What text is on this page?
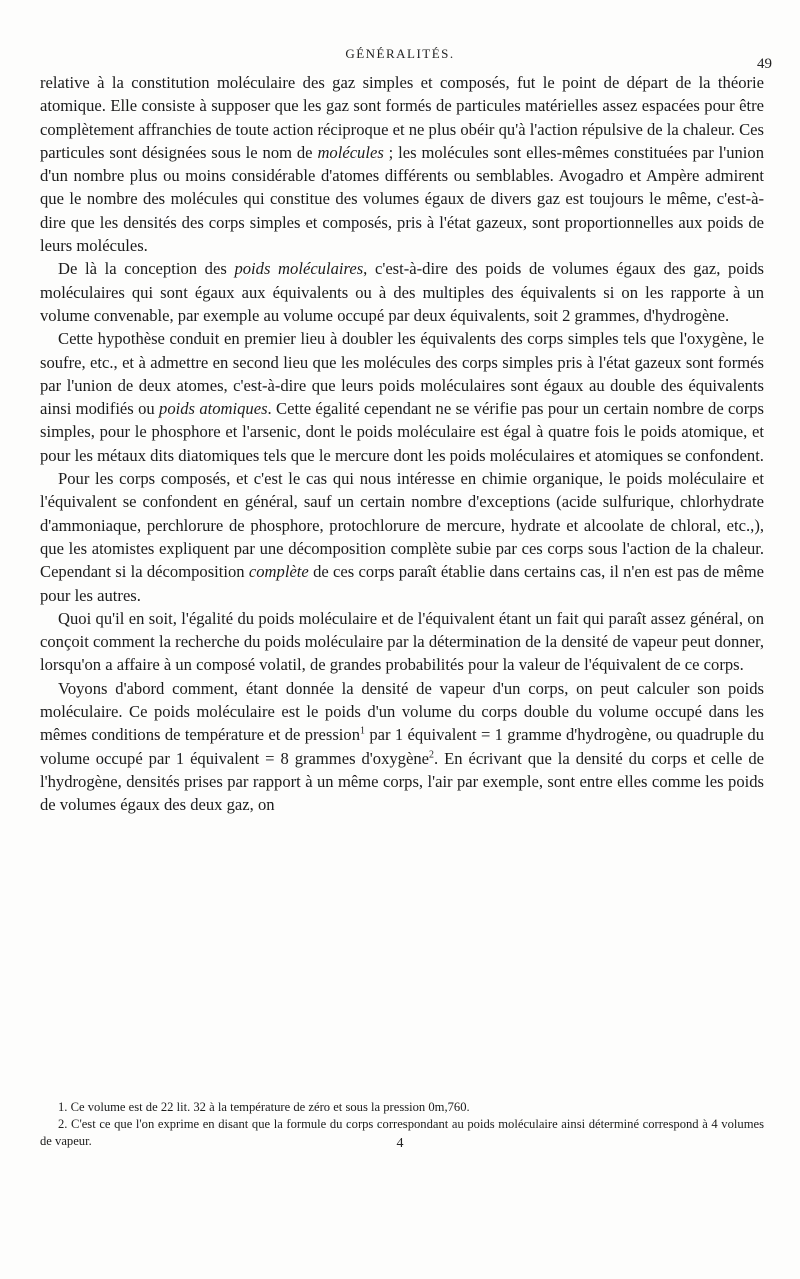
GÉNÉRALITÉS.
49

relative à la constitution moléculaire des gaz simples et composés, fut le point de départ de la théorie atomique. Elle consiste à supposer que les gaz sont formés de particules matérielles assez espacées pour être complètement affranchies de toute action réciproque et ne plus obéir qu'à l'action répulsive de la chaleur. Ces particules sont désignées sous le nom de molécules ; les molécules sont elles-mêmes constituées par l'union d'un nombre plus ou moins considérable d'atomes différents ou semblables. Avogadro et Ampère admirent que le nombre des molécules qui constitue des volumes égaux de divers gaz est toujours le même, c'est-à-dire que les densités des corps simples et composés, pris à l'état gazeux, sont proportionnelles aux poids de leurs molécules.

De là la conception des poids moléculaires, c'est-à-dire des poids de volumes égaux des gaz, poids moléculaires qui sont égaux aux équivalents ou à des multiples des équivalents si on les rapporte à un volume convenable, par exemple au volume occupé par deux équivalents, soit 2 grammes, d'hydrogène.

Cette hypothèse conduit en premier lieu à doubler les équivalents des corps simples tels que l'oxygène, le soufre, etc., et à admettre en second lieu que les molécules des corps simples pris à l'état gazeux sont formés par l'union de deux atomes, c'est-à-dire que leurs poids moléculaires sont égaux au double des équivalents ainsi modifiés ou poids atomiques. Cette égalité cependant ne se vérifie pas pour un certain nombre de corps simples, pour le phosphore et l'arsenic, dont le poids moléculaire est égal à quatre fois le poids atomique, et pour les métaux dits diatomiques tels que le mercure dont les poids moléculaires et atomiques se confondent.

Pour les corps composés, et c'est le cas qui nous intéresse en chimie organique, le poids moléculaire et l'équivalent se confondent en général, sauf un certain nombre d'exceptions (acide sulfurique, chlorhydrate d'ammoniaque, perchlorure de phosphore, protochlorure de mercure, hydrate et alcoolate de chloral, etc.,), que les atomistes expliquent par une décomposition complète subie par ces corps sous l'action de la chaleur. Cependant si la décomposition complète de ces corps paraît établie dans certains cas, il n'en est pas de même pour les autres.

Quoi qu'il en soit, l'égalité du poids moléculaire et de l'équivalent étant un fait qui paraît assez général, on conçoit comment la recherche du poids moléculaire par la détermination de la densité de vapeur peut donner, lorsqu'on a affaire à un composé volatil, de grandes probabilités pour la valeur de l'équivalent de ce corps.

Voyons d'abord comment, étant donnée la densité de vapeur d'un corps, on peut calculer son poids moléculaire. Ce poids moléculaire est le poids d'un volume du corps double du volume occupé dans les mêmes conditions de température et de pression$^1$ par 1 équivalent = 1 gramme d'hydrogène, ou quadruple du volume occupé par 1 équivalent = 8 grammes d'oxygène$^2$. En écrivant que la densité du corps et celle de l'hydrogène, densités prises par rapport à un même corps, l'air par exemple, sont entre elles comme les poids de volumes égaux des deux gaz, on

1. Ce volume est de 22 lit. 32 à la température de zéro et sous la pression 0m,760.

2. C'est ce que l'on exprime en disant que la formule du corps correspondant au poids moléculaire ainsi déterminé correspond à 4 volumes de vapeur.	4
